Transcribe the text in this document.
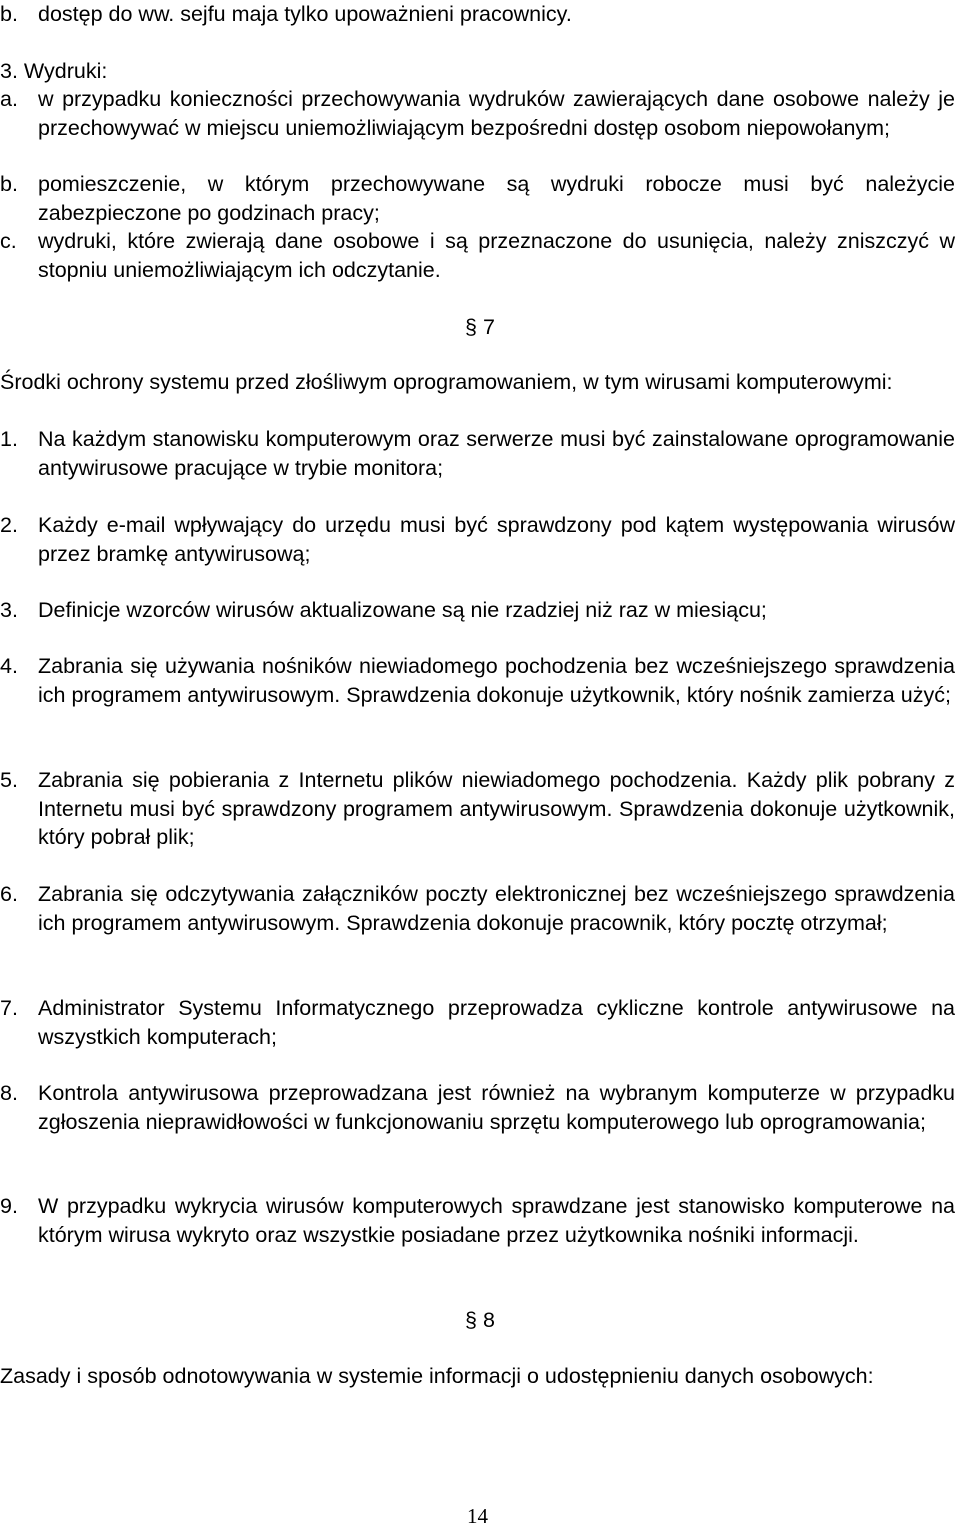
b. dostęp do ww. sejfu maja tylko upoważnieni pracownicy.
3. Wydruki:
a. w przypadku konieczności przechowywania wydruków zawierających dane osobowe należy je przechowywać w miejscu uniemożliwiającym bezpośredni dostęp osobom niepowołanym;
b. pomieszczenie, w którym przechowywane są wydruki robocze musi być należycie zabezpieczone po godzinach pracy;
c. wydruki, które zwierają dane osobowe i są przeznaczone do usunięcia, należy zniszczyć w stopniu uniemożliwiającym ich odczytanie.
§ 7
Środki ochrony systemu przed złośliwym oprogramowaniem, w tym wirusami komputerowymi:
1. Na każdym stanowisku komputerowym oraz serwerze musi być zainstalowane oprogramowanie antywirusowe pracujące w trybie monitora;
2. Każdy e-mail wpływający do urzędu musi być sprawdzony pod kątem występowania wirusów przez bramkę antywirusową;
3. Definicje wzorców wirusów aktualizowane są nie rzadziej niż raz w miesiącu;
4. Zabrania się używania nośników niewiadomego pochodzenia bez wcześniejszego sprawdzenia ich programem antywirusowym. Sprawdzenia dokonuje użytkownik, który nośnik zamierza użyć;
5. Zabrania się pobierania z Internetu plików niewiadomego pochodzenia. Każdy plik pobrany z Internetu musi być sprawdzony programem antywirusowym. Sprawdzenia dokonuje użytkownik, który pobrał plik;
6. Zabrania się odczytywania załączników poczty elektronicznej bez wcześniejszego sprawdzenia ich programem antywirusowym. Sprawdzenia dokonuje pracownik, który pocztę otrzymał;
7. Administrator Systemu Informatycznego przeprowadza cykliczne kontrole antywirusowe na wszystkich komputerach;
8. Kontrola antywirusowa przeprowadzana jest również na wybranym komputerze w przypadku zgłoszenia nieprawidłowości w funkcjonowaniu sprzętu komputerowego lub oprogramowania;
9. W przypadku wykrycia wirusów komputerowych sprawdzane jest stanowisko komputerowe na którym wirusa wykryto oraz wszystkie posiadane przez użytkownika nośniki informacji.
§ 8
Zasady i sposób odnotowywania w systemie informacji o udostępnieniu danych osobowych:
14
